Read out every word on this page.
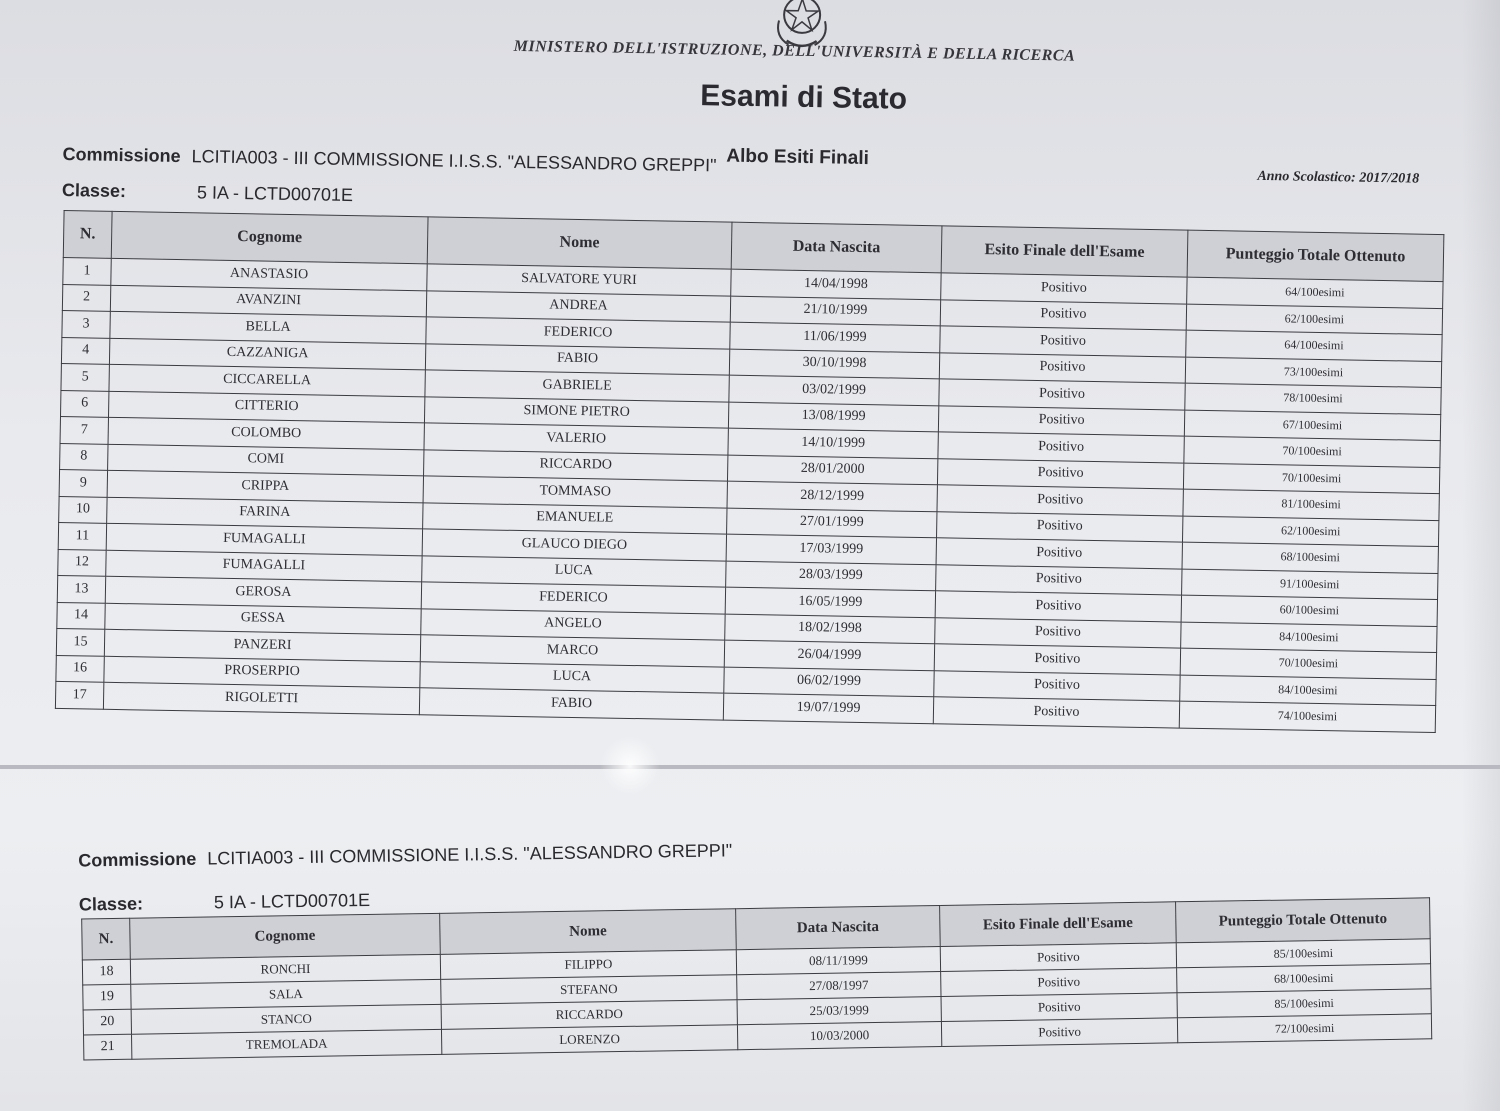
MINISTERO DELL'ISTRUZIONE, DELL'UNIVERSITÀ E DELLA RICERCA
Esami di Stato
Commissione LCITIA003 - III COMMISSIONE I.I.S.S. "ALESSANDRO GREPPI" Albo Esiti Finali
Anno Scolastico: 2017/2018
Classe:	5 IA - LCTD00701E
N.	Cognome	Nome	Data Nascita	Esito Finale dell'Esame	Punteggio Totale Ottenuto
1	ANASTASIO	SALVATORE YURI	14/04/1998	Positivo	64/100esimi
2	AVANZINI	ANDREA	21/10/1999	Positivo	62/100esimi
3	BELLA	FEDERICO	11/06/1999	Positivo	64/100esimi
4	CAZZANIGA	FABIO	30/10/1998	Positivo	73/100esimi
5	CICCARELLA	GABRIELE	03/02/1999	Positivo	78/100esimi
6	CITTERIO	SIMONE PIETRO	13/08/1999	Positivo	67/100esimi
7	COLOMBO	VALERIO	14/10/1999	Positivo	70/100esimi
8	COMI	RICCARDO	28/01/2000	Positivo	70/100esimi
9	CRIPPA	TOMMASO	28/12/1999	Positivo	81/100esimi
10	FARINA	EMANUELE	27/01/1999	Positivo	62/100esimi
11	FUMAGALLI	GLAUCO DIEGO	17/03/1999	Positivo	68/100esimi
12	FUMAGALLI	LUCA	28/03/1999	Positivo	91/100esimi
13	GEROSA	FEDERICO	16/05/1999	Positivo	60/100esimi
14	GESSA	ANGELO	18/02/1998	Positivo	84/100esimi
15	PANZERI	MARCO	26/04/1999	Positivo	70/100esimi
16	PROSERPIO	LUCA	06/02/1999	Positivo	84/100esimi
17	RIGOLETTI	FABIO	19/07/1999	Positivo	74/100esimi
Commissione LCITIA003 - III COMMISSIONE I.I.S.S. "ALESSANDRO GREPPI"
Classe:	5 IA - LCTD00701E
N.	Cognome	Nome	Data Nascita	Esito Finale dell'Esame	Punteggio Totale Ottenuto
18	RONCHI	FILIPPO	08/11/1999	Positivo	85/100esimi
19	SALA	STEFANO	27/08/1997	Positivo	68/100esimi
20	STANCO	RICCARDO	25/03/1999	Positivo	85/100esimi
21	TREMOLADA	LORENZO	10/03/2000	Positivo	72/100esimi
